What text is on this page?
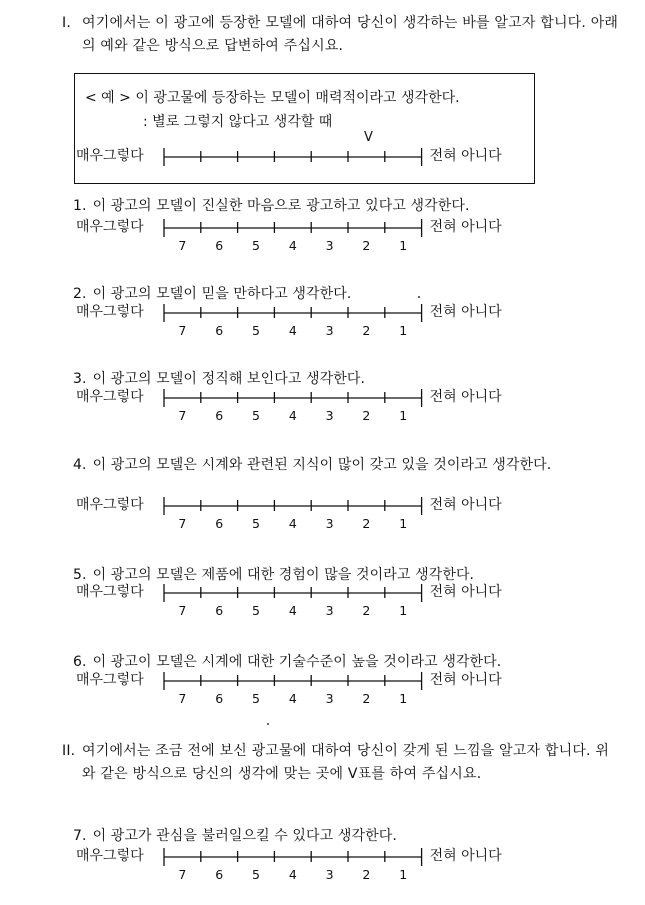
I. 여기에서는 이 광고에 등장한 모델에 대하여 당신이 생각하는 바를 알고자 합니다. 아래의 예와 같은 방식으로 답변하여 주십시요.
< 예 > 이 광고물에 등장하는 모델이 매력적이라고 생각한다.
: 별로 그렇지 않다고 생각할 때
V
매우그렇다	전혀 아니다
1. 이 광고의 모델이 진실한 마음으로 광고하고 있다고 생각한다.
매우그렇다	전혀 아니다
7 6 5 4 3 2 1
2. 이 광고의 모델이 믿을 만하다고 생각한다.
매우그렇다	전혀 아니다
7 6 5 4 3 2 1
3. 이 광고의 모델이 정직해 보인다고 생각한다.
매우그렇다	전혀 아니다
7 6 5 4 3 2 1
4. 이 광고의 모델은 시계와 관련된 지식이 많이 갖고 있을 것이라고 생각한다.
매우그렇다	전혀 아니다
7 6 5 4 3 2 1
5. 이 광고의 모델은 제품에 대한 경험이 많을 것이라고 생각한다.
매우그렇다	전혀 아니다
7 6 5 4 3 2 1
6. 이 광고이 모델은 시계에 대한 기술수준이 높을 것이라고 생각한다.
매우그렇다	전혀 아니다
7 6 5 4 3 2 1
7. 이 광고가 관심을 불러일으킬 수 있다고 생각한다.
매우그렇다	전혀 아니다
7 6 5 4 3 2 1
II. 여기에서는 조금 전에 보신 광고물에 대하여 당신이 갖게 된 느낌을 알고자 합니다. 위와 같은 방식으로 당신의 생각에 맞는 곳에 V표를 하여 주십시요.
